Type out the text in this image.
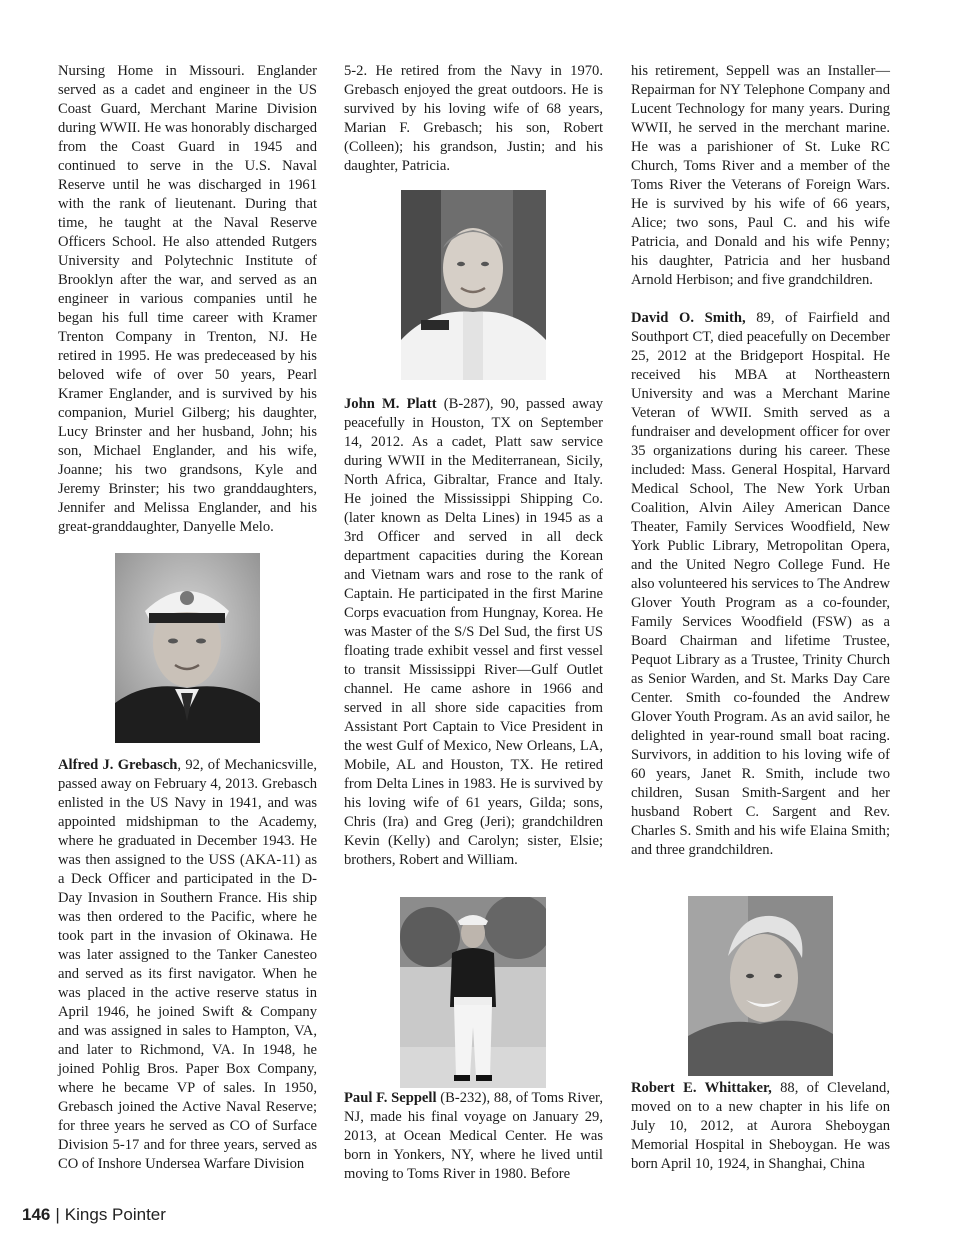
Nursing Home in Missouri. Englander served as a cadet and engineer in the US Coast Guard, Merchant Marine Division during WWII. He was honorably discharged from the Coast Guard in 1945 and continued to serve in the U.S. Naval Reserve until he was discharged in 1961 with the rank of lieutenant. During that time, he taught at the Naval Reserve Officers School. He also attended Rutgers University and Polytechnic Institute of Brooklyn after the war, and served as an engineer in various companies until he began his full time career with Kramer Trenton Company in Trenton, NJ. He retired in 1995. He was predeceased by his beloved wife of over 50 years, Pearl Kramer Englander, and is survived by his companion, Muriel Gilberg; his daughter, Lucy Brinster and her husband, John; his son, Michael Englander, and his wife, Joanne; his two grandsons, Kyle and Jeremy Brinster; his two granddaughters, Jennifer and Melissa Englander, and his great-granddaughter, Danyelle Melo.

Alfred J. Grebasch, 92, of Mechanicsville, passed away on February 4, 2013. Grebasch enlisted in the US Navy in 1941, and was appointed midshipman to the Academy, where he graduated in December 1943. He was then assigned to the USS (AKA-11) as a Deck Officer and participated in the D-Day Invasion in Southern France. His ship was then ordered to the Pacific, where he took part in the invasion of Okinawa. He was later assigned to the Tanker Canesteo and served as its first navigator. When he was placed in the active reserve status in April 1946, he joined Swift & Company and was assigned in sales to Hampton, VA, and later to Richmond, VA. In 1948, he joined Pohlig Bros. Paper Box Company, where he became VP of sales. In 1950, Grebasch joined the Active Naval Reserve; for three years he served as CO of Surface Division 5-17 and for three years, served as CO of Inshore Undersea Warfare Division

5-2. He retired from the Navy in 1970. Grebasch enjoyed the great outdoors. He is survived by his loving wife of 68 years, Marian F. Grebasch; his son, Robert (Colleen); his grandson, Justin; and his daughter, Patricia.

John M. Platt (B-287), 90, passed away peacefully in Houston, TX on September 14, 2012. As a cadet, Platt saw service during WWII in the Mediterranean, Sicily, North Africa, Gibraltar, France and Italy. He joined the Mississippi Shipping Co. (later known as Delta Lines) in 1945 as a 3rd Officer and served in all deck department capacities during the Korean and Vietnam wars and rose to the rank of Captain. He participated in the first Marine Corps evacuation from Hungnay, Korea. He was Master of the S/S Del Sud, the first US floating trade exhibit vessel and first vessel to transit Mississippi River—Gulf Outlet channel. He came ashore in 1966 and served in all shore side capacities from Assistant Port Captain to Vice President in the west Gulf of Mexico, New Orleans, LA, Mobile, AL and Houston, TX. He retired from Delta Lines in 1983. He is survived by his loving wife of 61 years, Gilda; sons, Chris (Ira) and Greg (Jeri); grandchildren Kevin (Kelly) and Carolyn; sister, Elsie; brothers, Robert and William.

Paul F. Seppell (B-232), 88, of Toms River, NJ, made his final voyage on January 29, 2013, at Ocean Medical Center. He was born in Yonkers, NY, where he lived until moving to Toms River in 1980. Before

his retirement, Seppell was an Installer—Repairman for NY Telephone Company and Lucent Technology for many years. During WWII, he served in the merchant marine. He was a parishioner of St. Luke RC Church, Toms River and a member of the Toms River the Veterans of Foreign Wars. He is survived by his wife of 66 years, Alice; two sons, Paul C. and his wife Patricia, and Donald and his wife Penny; his daughter, Patricia and her husband Arnold Herbison; and five grandchildren.

David O. Smith, 89, of Fairfield and Southport CT, died peacefully on December 25, 2012 at the Bridgeport Hospital. He received his MBA at Northeastern University and was a Merchant Marine Veteran of WWII. Smith served as a fundraiser and development officer for over 35 organizations during his career. These included: Mass. General Hospital, Harvard Medical School, The New York Urban Coalition, Alvin Ailey American Dance Theater, Family Services Woodfield, New York Public Library, Metropolitan Opera, and the United Negro College Fund. He also volunteered his services to The Andrew Glover Youth Program as a co-founder, Family Services Woodfield (FSW) as a Board Chairman and lifetime Trustee, Pequot Library as a Trustee, Trinity Church as Senior Warden, and St. Marks Day Care Center. Smith co-founded the Andrew Glover Youth Program. As an avid sailor, he delighted in year-round small boat racing. Survivors, in addition to his loving wife of 60 years, Janet R. Smith, include two children, Susan Smith-Sargent and her husband Robert C. Sargent and Rev. Charles S. Smith and his wife Elaina Smith; and three grandchildren.

Robert E. Whittaker, 88, of Cleveland, moved on to a new chapter in his life on July 10, 2012, at Aurora Sheboygan Memorial Hospital in Sheboygan. He was born April 10, 1924, in Shanghai, China

146 | Kings Pointer
